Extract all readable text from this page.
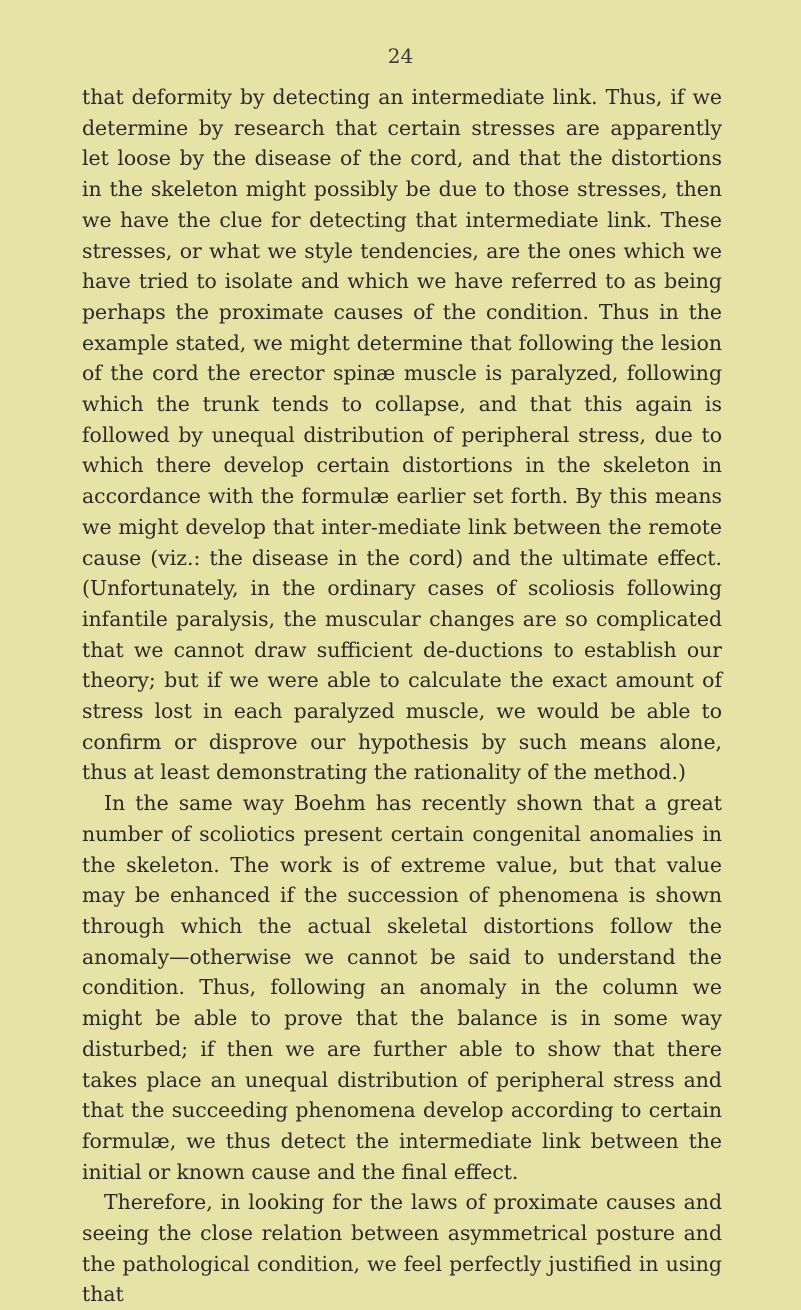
24

that deformity by detecting an intermediate link. Thus, if we determine by research that certain stresses are apparently let loose by the disease of the cord, and that the distortions in the skeleton might possibly be due to those stresses, then we have the clue for detecting that intermediate link. These stresses, or what we style tendencies, are the ones which we have tried to isolate and which we have referred to as being perhaps the proximate causes of the condition. Thus in the example stated, we might determine that following the lesion of the cord the erector spinæ muscle is paralyzed, following which the trunk tends to collapse, and that this again is followed by unequal distribution of peripheral stress, due to which there develop certain distortions in the skeleton in accordance with the formulæ earlier set forth. By this means we might develop that inter-mediate link between the remote cause (viz.: the disease in the cord) and the ultimate effect. (Unfortunately, in the ordinary cases of scoliosis following infantile paralysis, the muscular changes are so complicated that we cannot draw sufficient de-ductions to establish our theory; but if we were able to calculate the exact amount of stress lost in each paralyzed muscle, we would be able to confirm or disprove our hypothesis by such means alone, thus at least demonstrating the rationality of the method.)

In the same way Boehm has recently shown that a great number of scoliotics present certain congenital anomalies in the skeleton. The work is of extreme value, but that value may be enhanced if the succession of phenomena is shown through which the actual skeletal distortions follow the anomaly—otherwise we cannot be said to understand the condition. Thus, following an anomaly in the column we might be able to prove that the balance is in some way disturbed; if then we are further able to show that there takes place an unequal distribution of peripheral stress and that the succeeding phenomena develop according to certain formulæ, we thus detect the intermediate link between the initial or known cause and the final effect.

Therefore, in looking for the laws of proximate causes and seeing the close relation between asymmetrical posture and the pathological condition, we feel perfectly justified in using that
